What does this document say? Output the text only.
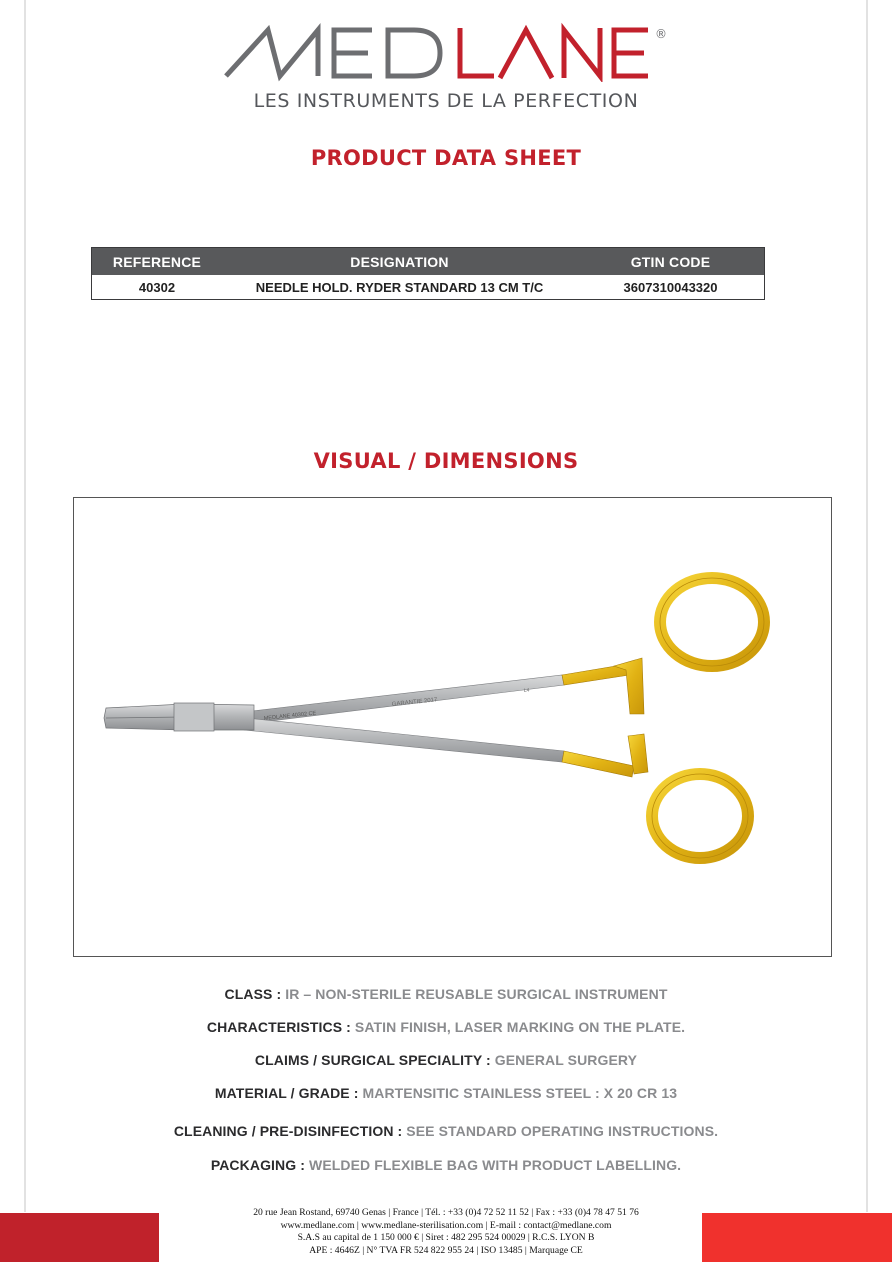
®
LES INSTRUMENTS DE LA PERFECTION
PRODUCT DATA SHEET
REFERENCE	DESIGNATION	GTIN CODE
40302	NEEDLE HOLD. RYDER STANDARD 13 CM T/C	3607310043320
VISUAL / DIMENSIONS
MEDLANE 40302 CE
GARANTIE 2017
L4
CLASS : IR – NON-STERILE REUSABLE SURGICAL INSTRUMENT
CHARACTERISTICS : SATIN FINISH, LASER MARKING ON THE PLATE.
CLAIMS / SURGICAL SPECIALITY : GENERAL SURGERY
MATERIAL / GRADE : MARTENSITIC STAINLESS STEEL : X 20 CR 13
CLEANING / PRE-DISINFECTION : SEE STANDARD OPERATING INSTRUCTIONS.
PACKAGING : WELDED FLEXIBLE BAG WITH PRODUCT LABELLING.
20 rue Jean Rostand, 69740 Genas | France | Tél. : +33 (0)4 72 52 11 52 | Fax : +33 (0)4 78 47 51 76
www.medlane.com | www.medlane-sterilisation.com | E-mail : contact@medlane.com
S.A.S au capital de 1 150 000 € | Siret : 482 295 524 00029 | R.C.S. LYON B
APE : 4646Z | N° TVA FR 524 822 955 24 | ISO 13485 | Marquage CE
